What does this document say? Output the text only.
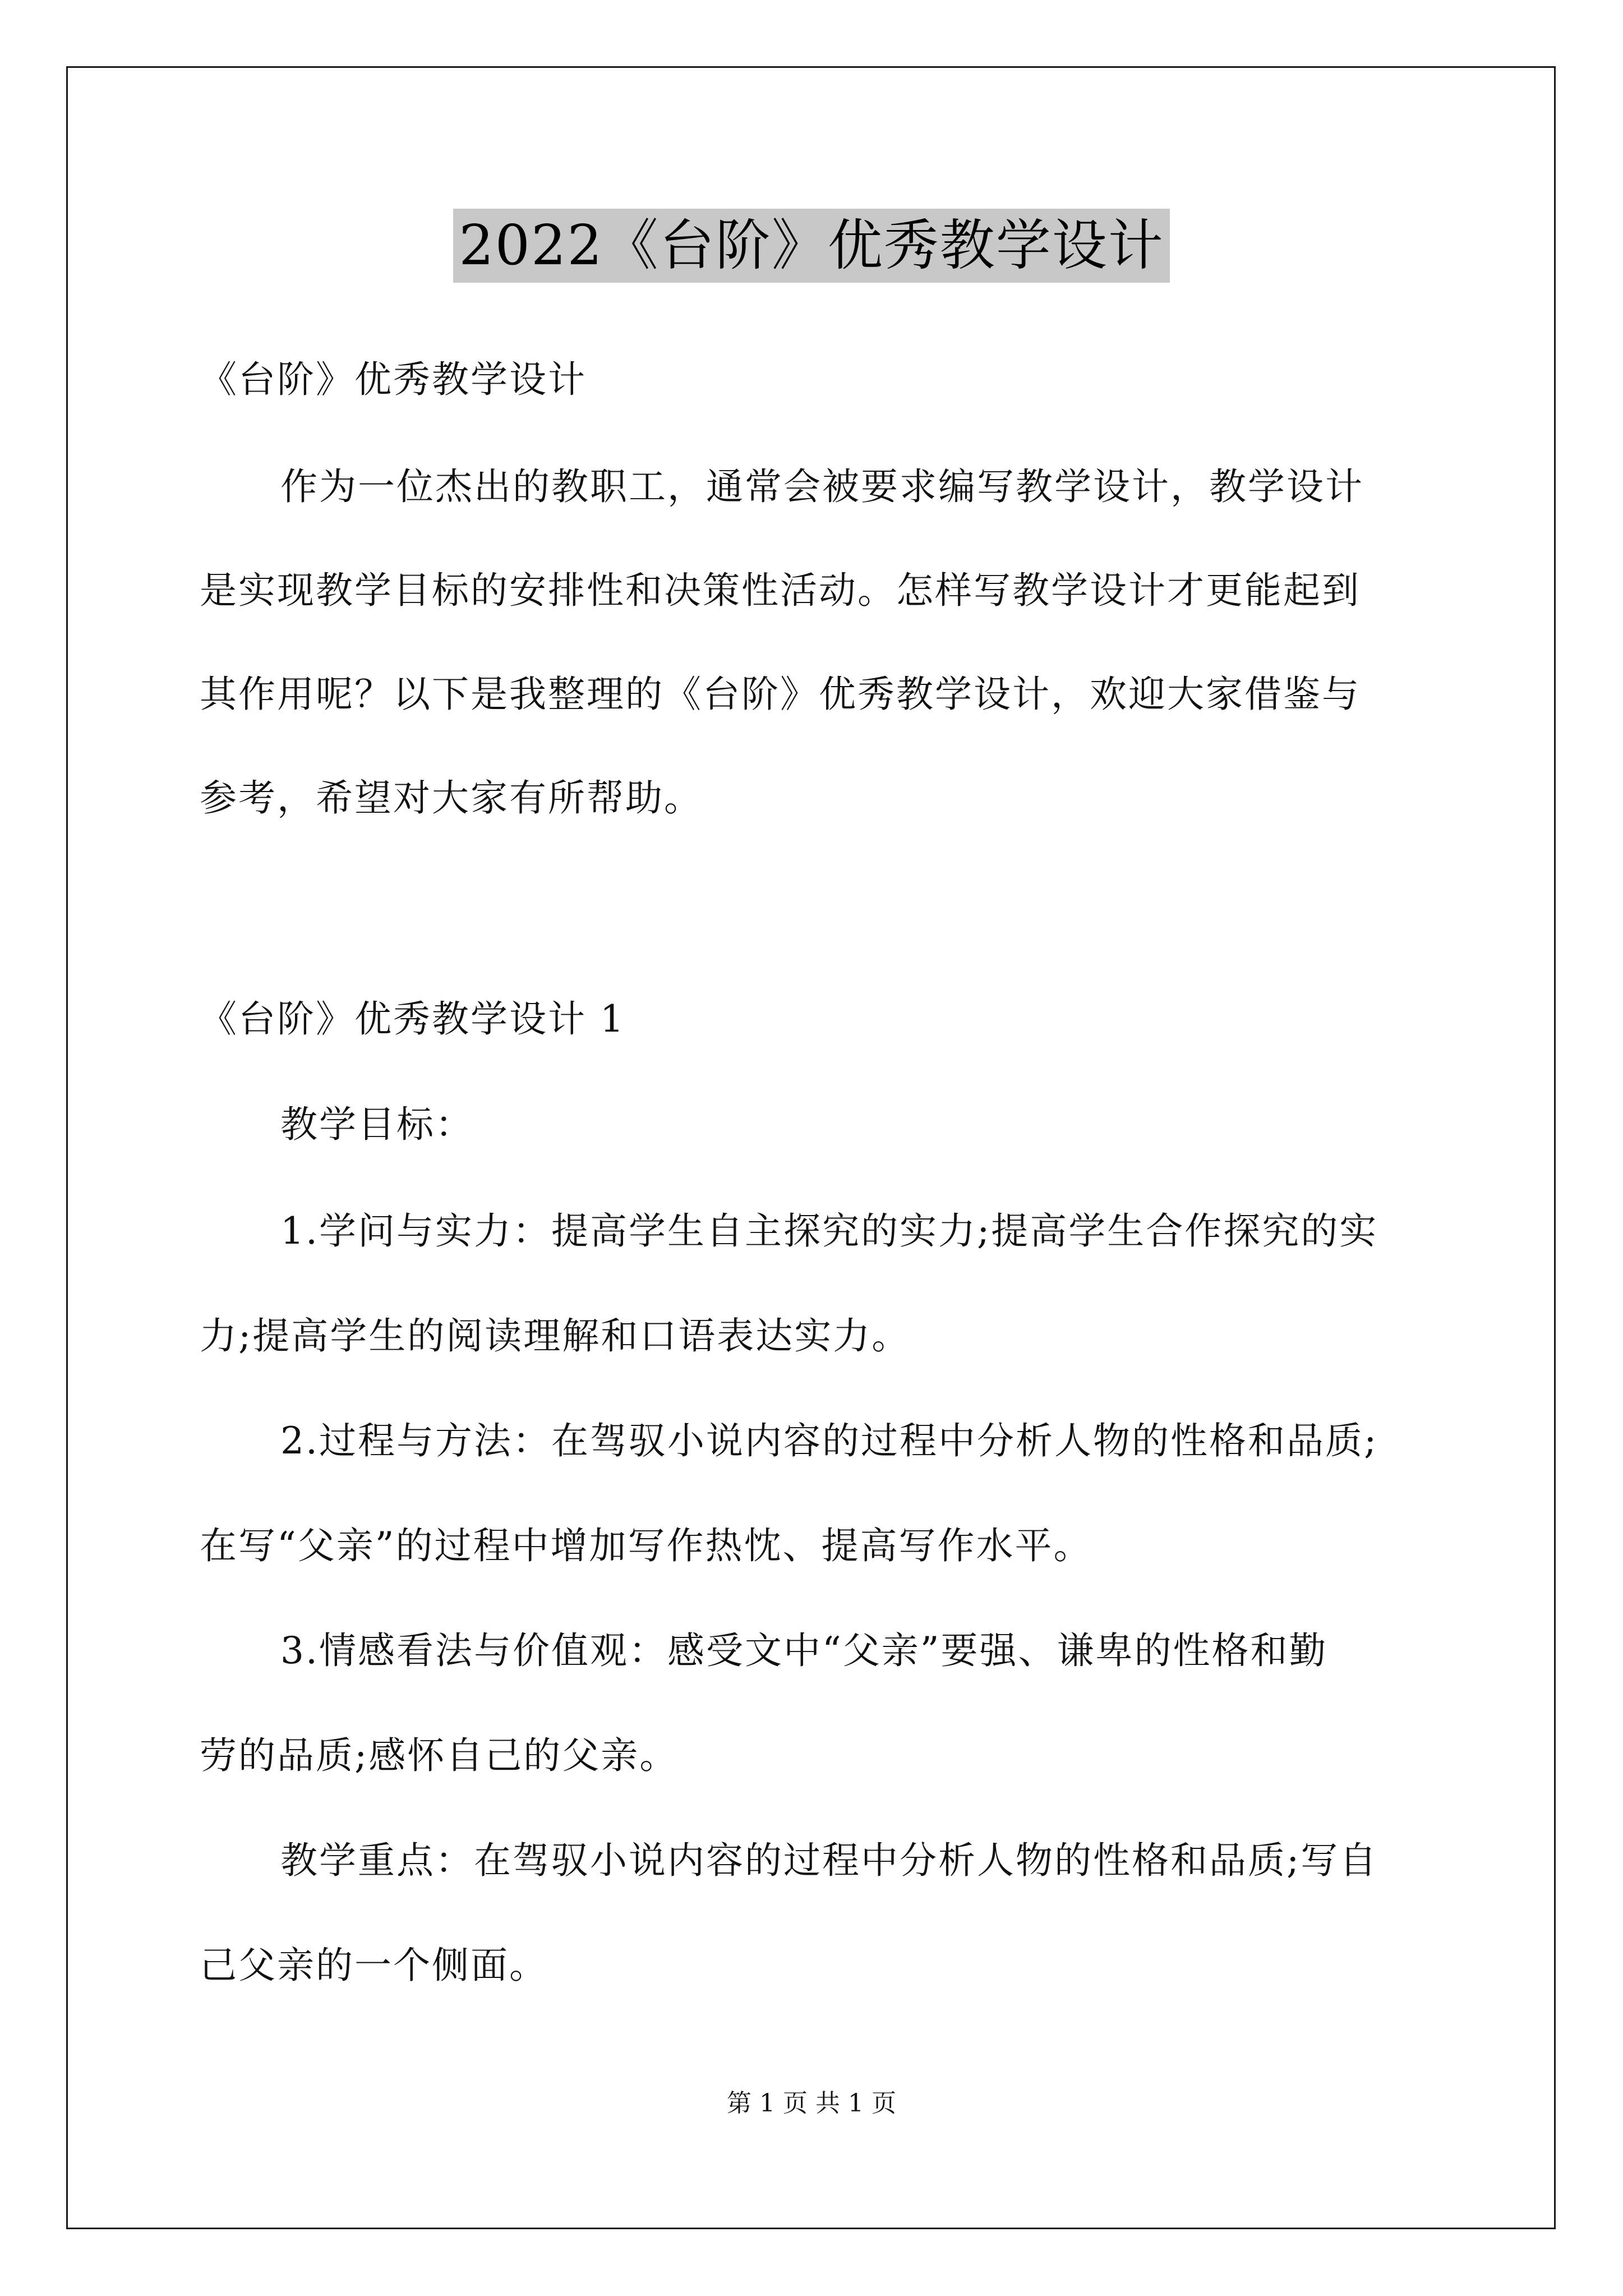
2022《台阶》优秀教学设计
《台阶》优秀教学设计
作为一位杰出的教职工，通常会被要求编写教学设计，教学设计
是实现教学目标的安排性和决策性活动。怎样写教学设计才更能起到
其作用呢？以下是我整理的《台阶》优秀教学设计，欢迎大家借鉴与
参考，希望对大家有所帮助。
《台阶》优秀教学设计 1
教学目标：
1.学问与实力：提高学生自主探究的实力;提高学生合作探究的实
力;提高学生的阅读理解和口语表达实力。
2.过程与方法：在驾驭小说内容的过程中分析人物的性格和品质;
在写“父亲”的过程中增加写作热忱、提高写作水平。
3.情感看法与价值观：感受文中“父亲”要强、谦卑的性格和勤
劳的品质;感怀自己的父亲。
教学重点：在驾驭小说内容的过程中分析人物的性格和品质;写自
己父亲的一个侧面。
第 1 页 共 1 页
